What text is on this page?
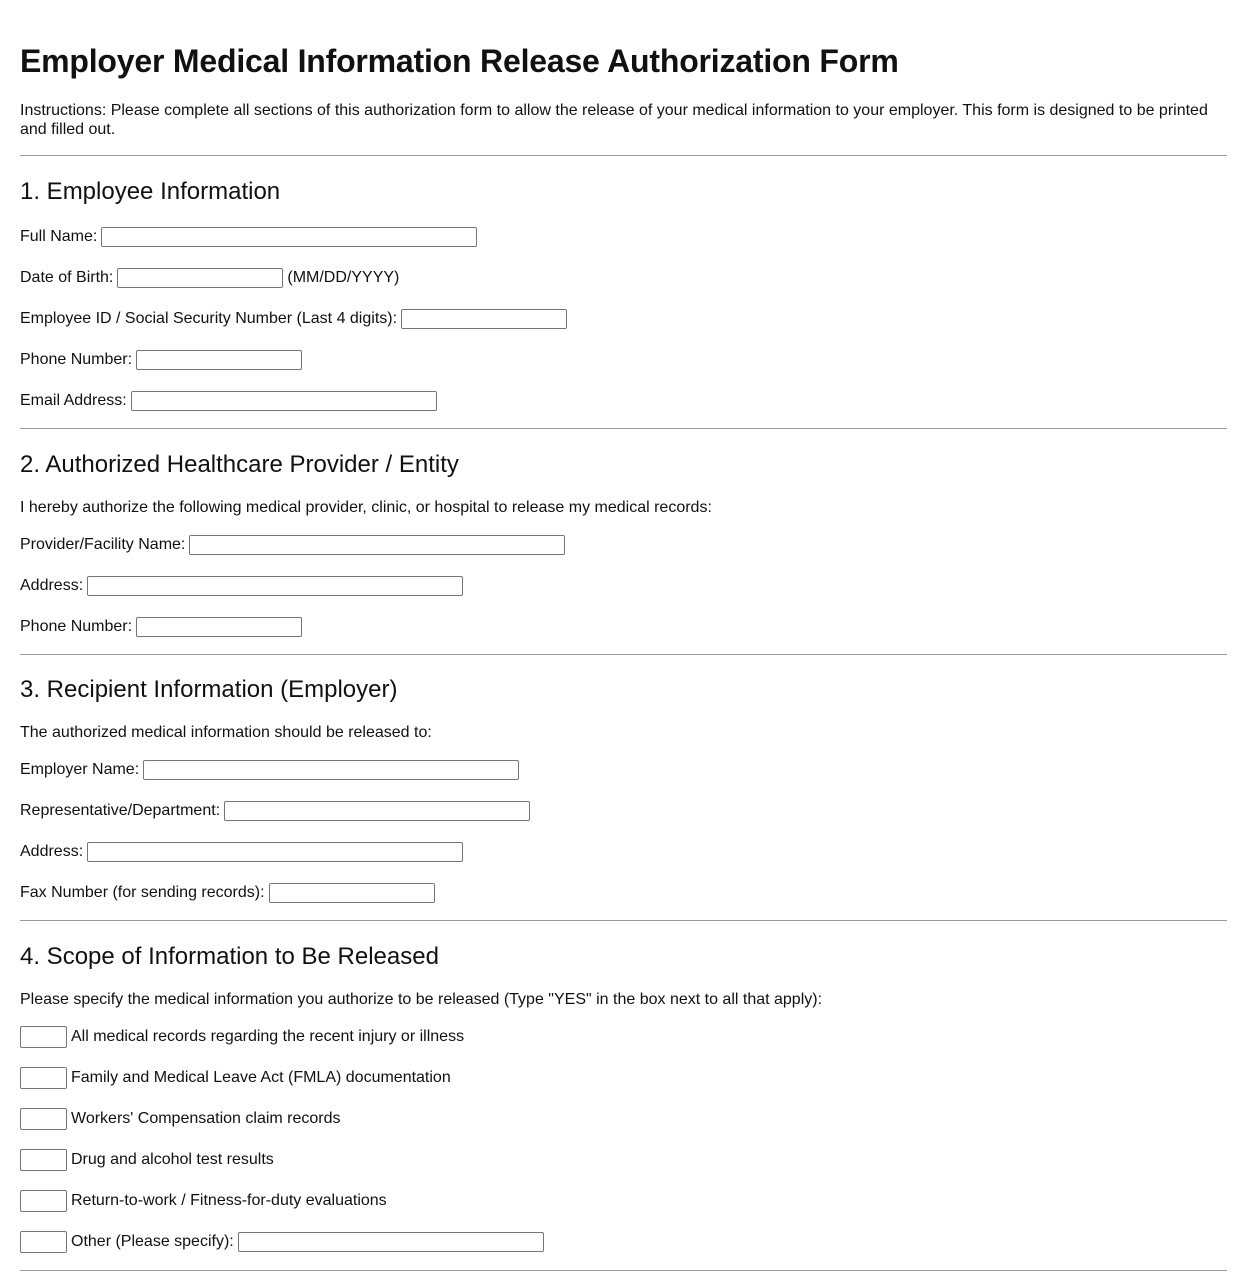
Employer Medical Information Release Authorization Form
Instructions: Please complete all sections of this authorization form to allow the release of your medical information to your employer. This form is designed to be printed and filled out.
1. Employee Information
Full Name:
Date of Birth:	(MM/DD/YYYY)
Employee ID / Social Security Number (Last 4 digits):
Phone Number:
Email Address:
2. Authorized Healthcare Provider / Entity
I hereby authorize the following medical provider, clinic, or hospital to release my medical records:
Provider/Facility Name:
Address:
Phone Number:
3. Recipient Information (Employer)
The authorized medical information should be released to:
Employer Name:
Representative/Department:
Address:
Fax Number (for sending records):
4. Scope of Information to Be Released
Please specify the medical information you authorize to be released (Type "YES" in the box next to all that apply):
All medical records regarding the recent injury or illness
Family and Medical Leave Act (FMLA) documentation
Workers' Compensation claim records
Drug and alcohol test results
Return-to-work / Fitness-for-duty evaluations
Other (Please specify):
